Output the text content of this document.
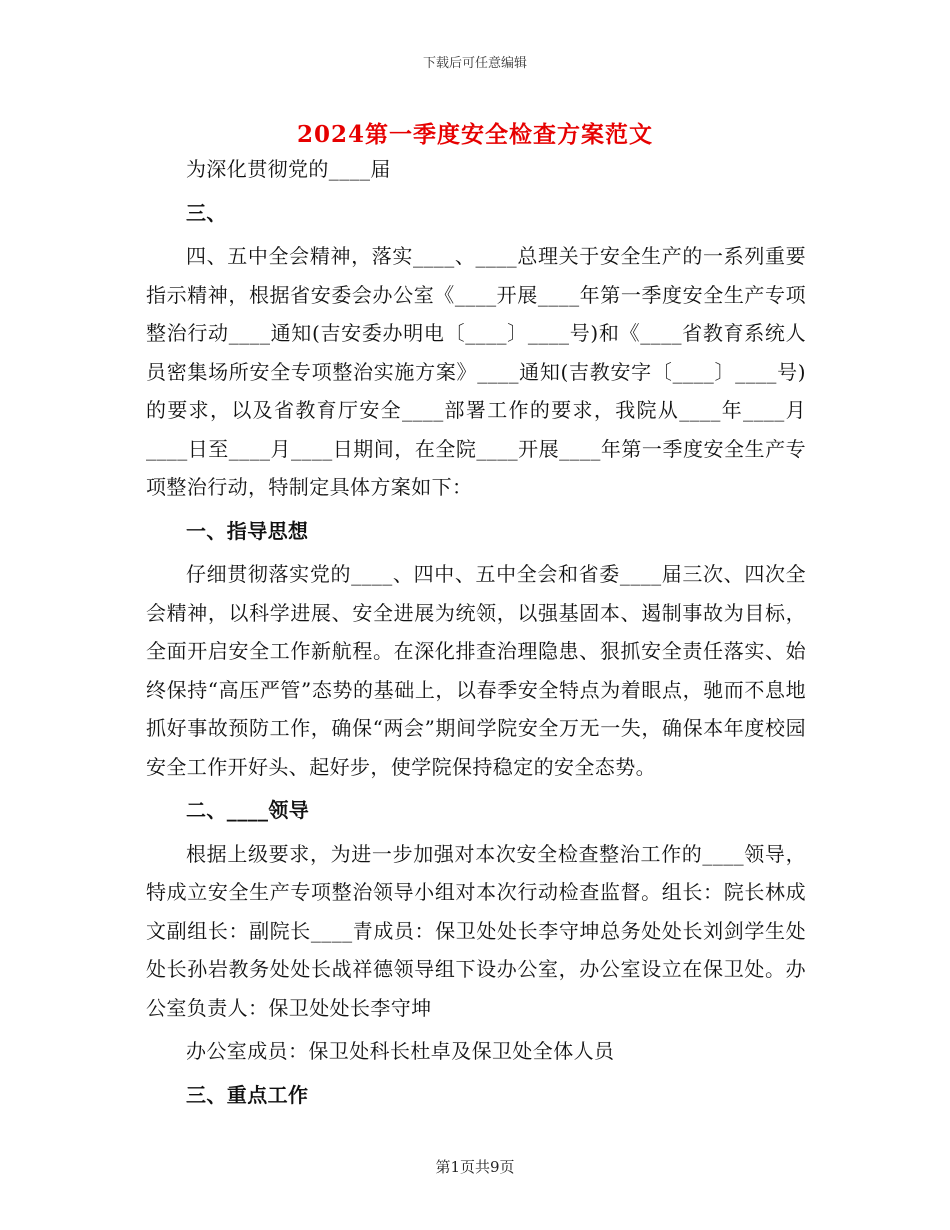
下载后可任意编辑
2024第一季度安全检查方案范文

为深化贯彻党的____届

三、

四、五中全会精神，落实____、____总理关于安全生产的一系列重要指示精神，根据省安委会办公室《____开展____年第一季度安全生产专项整治行动____通知(吉安委办明电〔____〕____号)和《____省教育系统人员密集场所安全专项整治实施方案》____通知(吉教安字〔____〕____号)的要求，以及省教育厅安全____部署工作的要求，我院从____年____月____日至____月____日期间，在全院____开展____年第一季度安全生产专项整治行动，特制定具体方案如下：

一、指导思想

仔细贯彻落实党的____、四中、五中全会和省委____届三次、四次全会精神，以科学进展、安全进展为统领，以强基固本、遏制事故为目标，全面开启安全工作新航程。在深化排查治理隐患、狠抓安全责任落实、始终保持“高压严管”态势的基础上，以春季安全特点为着眼点，驰而不息地抓好事故预防工作，确保“两会”期间学院安全万无一失，确保本年度校园安全工作开好头、起好步，使学院保持稳定的安全态势。

二、____领导

根据上级要求，为进一步加强对本次安全检查整治工作的____领导，特成立安全生产专项整治领导小组对本次行动检查监督。组长：院长林成文副组长：副院长____青成员：保卫处处长李守坤总务处处长刘剑学生处处长孙岩教务处处长战祥德领导组下设办公室，办公室设立在保卫处。办公室负责人：保卫处处长李守坤

办公室成员：保卫处科长杜卓及保卫处全体人员

三、重点工作

第1页共9页
